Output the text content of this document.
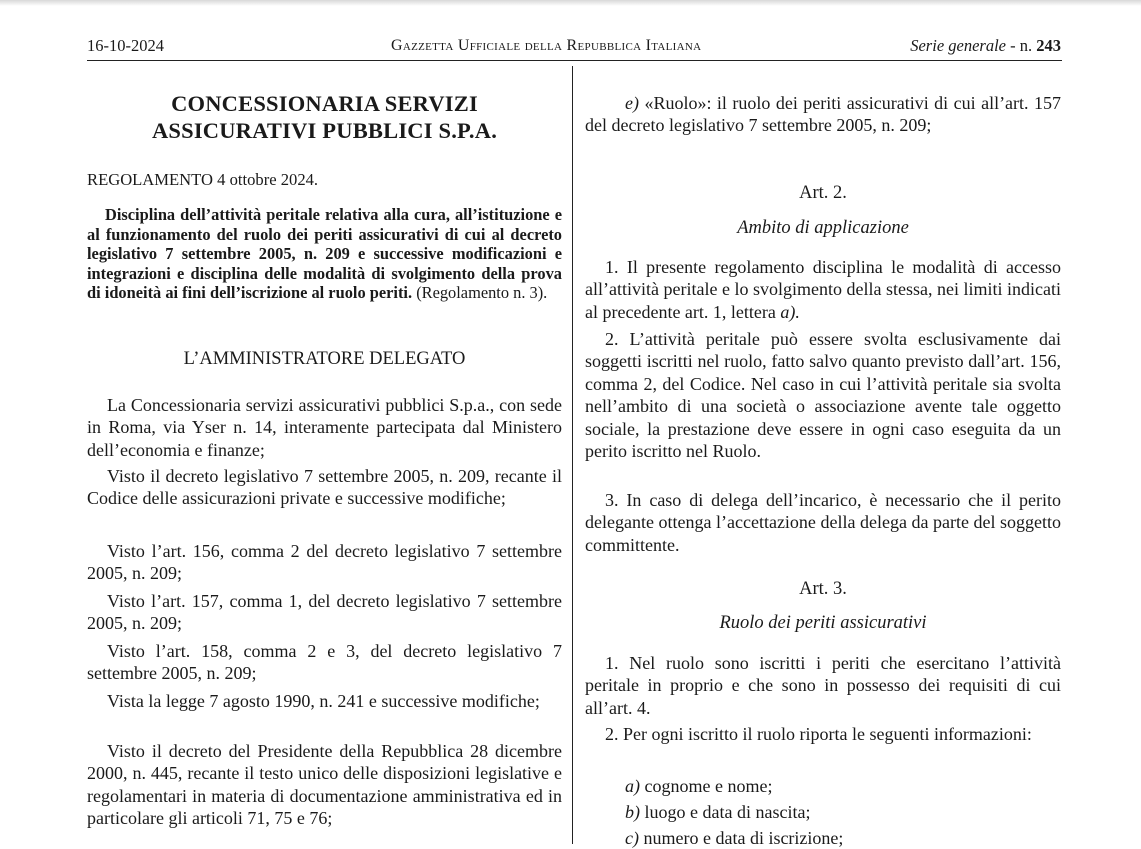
16-10-2024	Gazzetta Ufficiale della Repubblica Italiana	Serie generale - n. 243
CONCESSIONARIA SERVIZI
ASSICURATIVI PUBBLICI S.P.A.
REGOLAMENTO 4 ottobre 2024.
Disciplina dell’attività peritale relativa alla cura, all’istituzione e al funzionamento del ruolo dei periti assicurativi di cui al decreto legislativo 7 settembre 2005, n. 209 e successive modificazioni e integrazioni e disciplina delle modalità di svolgimento della prova di idoneità ai fini dell’iscrizione al ruolo periti. (Regolamento n. 3).
L’AMMINISTRATORE DELEGATO

La Concessionaria servizi assicurativi pubblici S.p.a., con sede in Roma, via Yser n. 14, interamente partecipata dal Ministero dell’economia e finanze;

Visto il decreto legislativo 7 settembre 2005, n. 209, recante il Codice delle assicurazioni private e successive modifiche;

Visto l’art. 156, comma 2 del decreto legislativo 7 settembre 2005, n. 209;

Visto l’art. 157, comma 1, del decreto legislativo 7 settembre 2005, n. 209;

Visto l’art. 158, comma 2 e 3, del decreto legislativo 7 settembre 2005, n. 209;

Vista la legge 7 agosto 1990, n. 241 e successive modifiche;

Visto il decreto del Presidente della Repubblica 28 dicembre 2000, n. 445, recante il testo unico delle disposizioni legislative e regolamentari in materia di documentazione amministrativa ed in particolare gli articoli 71, 75 e 76;

e) «Ruolo»: il ruolo dei periti assicurativi di cui all’art. 157 del decreto legislativo 7 settembre 2005, n. 209;

Art. 2.
Ambito di applicazione

1. Il presente regolamento disciplina le modalità di accesso all’attività peritale e lo svolgimento della stessa, nei limiti indicati al precedente art. 1, lettera a).

2. L’attività peritale può essere svolta esclusivamente dai soggetti iscritti nel ruolo, fatto salvo quanto previsto dall’art. 156, comma 2, del Codice. Nel caso in cui l’attività peritale sia svolta nell’ambito di una società o associazione avente tale oggetto sociale, la prestazione deve essere in ogni caso eseguita da un perito iscritto nel Ruolo.

3. In caso di delega dell’incarico, è necessario che il perito delegante ottenga l’accettazione della delega da parte del soggetto committente.

Art. 3.
Ruolo dei periti assicurativi

1. Nel ruolo sono iscritti i periti che esercitano l’attività peritale in proprio e che sono in possesso dei requisiti di cui all’art. 4.

2. Per ogni iscritto il ruolo riporta le seguenti informazioni:

a) cognome e nome;

b) luogo e data di nascita;

c) numero e data di iscrizione;
